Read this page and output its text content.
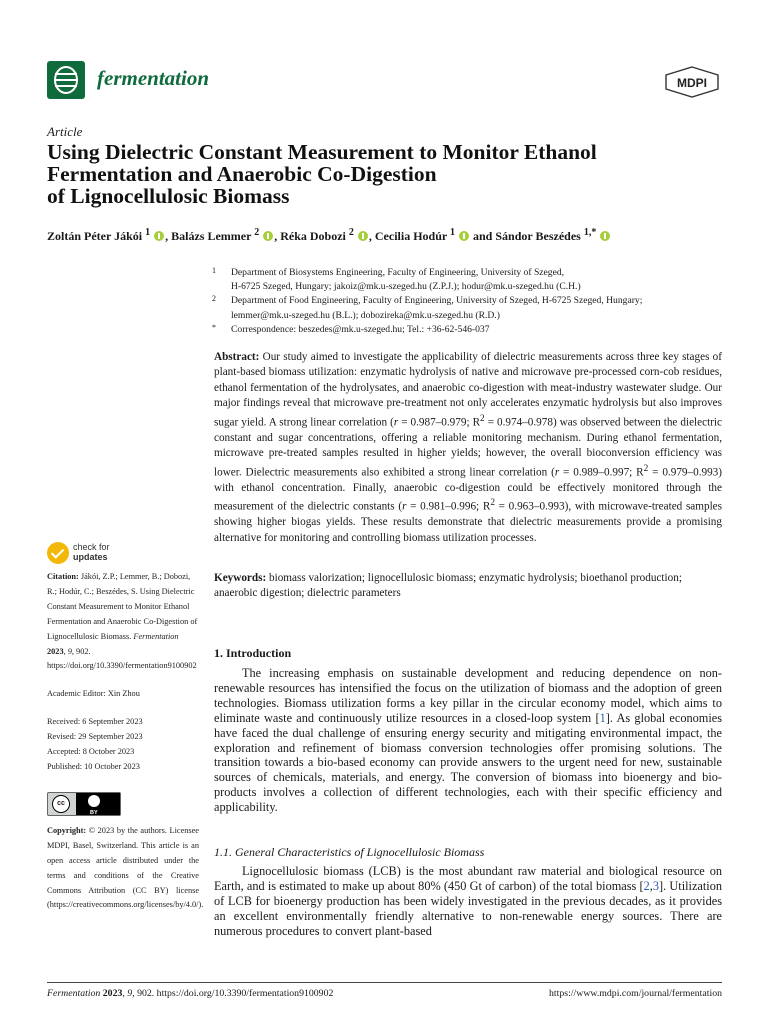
fermentation	MDPI
Article
Using Dielectric Constant Measurement to Monitor Ethanol
Fermentation and Anaerobic Co-Digestion
of Lignocellulosic Biomass
Zoltán Péter Jákói $^1$ , Balázs Lemmer $^2$ , Réka Dobozi $^2$ , Cecilia Hodúr $^1$ and Sándor Beszédes $^{1,*}$
1 Department of Biosystems Engineering, Faculty of Engineering, University of Szeged,
H-6725 Szeged, Hungary; jakoiz@mk.u-szeged.hu (Z.P.J.); hodur@mk.u-szeged.hu (C.H.)
2 Department of Food Engineering, Faculty of Engineering, University of Szeged, H-6725 Szeged, Hungary;
lemmer@mk.u-szeged.hu (B.L.); dobozireka@mk.u-szeged.hu (R.D.)
* Correspondence: beszedes@mk.u-szeged.hu; Tel.: +36-62-546-037
Abstract: Our study aimed to investigate the applicability of dielectric measurements across three key stages of plant-based biomass utilization: enzymatic hydrolysis of native and microwave pre-processed corn-cob residues, ethanol fermentation of the hydrolysates, and anaerobic co-digestion with meat-industry wastewater sludge. Our major findings reveal that microwave pre-treatment not only accelerates enzymatic hydrolysis but also improves sugar yield. A strong linear correlation (r = 0.987–0.979; $R^2 = 0.974-0.978$) was observed between the dielectric constant and sugar concentrations, offering a reliable monitoring mechanism. During ethanol fermentation, microwave pre-treated samples resulted in higher yields; however, the overall bioconversion efficiency was lower. Dielectric measurements also exhibited a strong linear correlation (r = 0.989–0.997; $R^2 = 0.979-0.993$) with ethanol concentration. Finally, anaerobic co-digestion could be effectively monitored through the measurement of the dielectric constants (r = 0.981–0.996; $R^2 = 0.963-0.993$), with microwave-treated samples showing higher biogas yields. These results demonstrate that dielectric measurements provide a promising alternative for monitoring and controlling biomass utilization processes.
Keywords: biomass valorization; lignocellulosic biomass; enzymatic hydrolysis; bioethanol production; anaerobic digestion; dielectric parameters
check for
updates
Citation: Jákói, Z.P.; Lemmer, B.; Dobozi, R.; Hodúr, C.; Beszédes, S. Using Dielectric Constant Measurement to Monitor Ethanol Fermentation and Anaerobic Co-Digestion of Lignocellulosic Biomass. Fermentation 2023, 9, 902. https://doi.org/10.3390/fermentation9100902
Academic Editor: Xin Zhou
Received: 6 September 2023
Revised: 29 September 2023
Accepted: 8 October 2023
Published: 10 October 2023
cc
BY
Copyright: © 2023 by the authors. Licensee MDPI, Basel, Switzerland. This article is an open access article distributed under the terms and conditions of the Creative Commons Attribution (CC BY) license (https://creativecommons.org/licenses/by/4.0/).
1. Introduction
The increasing emphasis on sustainable development and reducing dependence on non-renewable resources has intensified the focus on the utilization of biomass and the adoption of green technologies. Biomass utilization forms a key pillar in the circular economy model, which aims to eliminate waste and continuously utilize resources in a closed-loop system [1]. As global economies have faced the dual challenge of ensuring energy security and mitigating environmental impact, the exploration and refinement of biomass conversion technologies offer promising solutions. The transition towards a bio-based economy can provide answers to the urgent need for new, sustainable sources of chemicals, materials, and energy. The conversion of biomass into bioenergy and bio-products involves a collection of different technologies, each with their specific efficiency and applicability.
1.1. General Characteristics of Lignocellulosic Biomass
Lignocellulosic biomass (LCB) is the most abundant raw material and biological resource on Earth, and is estimated to make up about 80% (450 Gt of carbon) of the total biomass [2,3]. Utilization of LCB for bioenergy production has been widely investigated in the previous decades, as it provides an excellent environmentally friendly alternative to non-renewable energy sources. There are numerous procedures to convert plant-based
Fermentation 2023, 9, 902. https://doi.org/10.3390/fermentation9100902	https://www.mdpi.com/journal/fermentation
